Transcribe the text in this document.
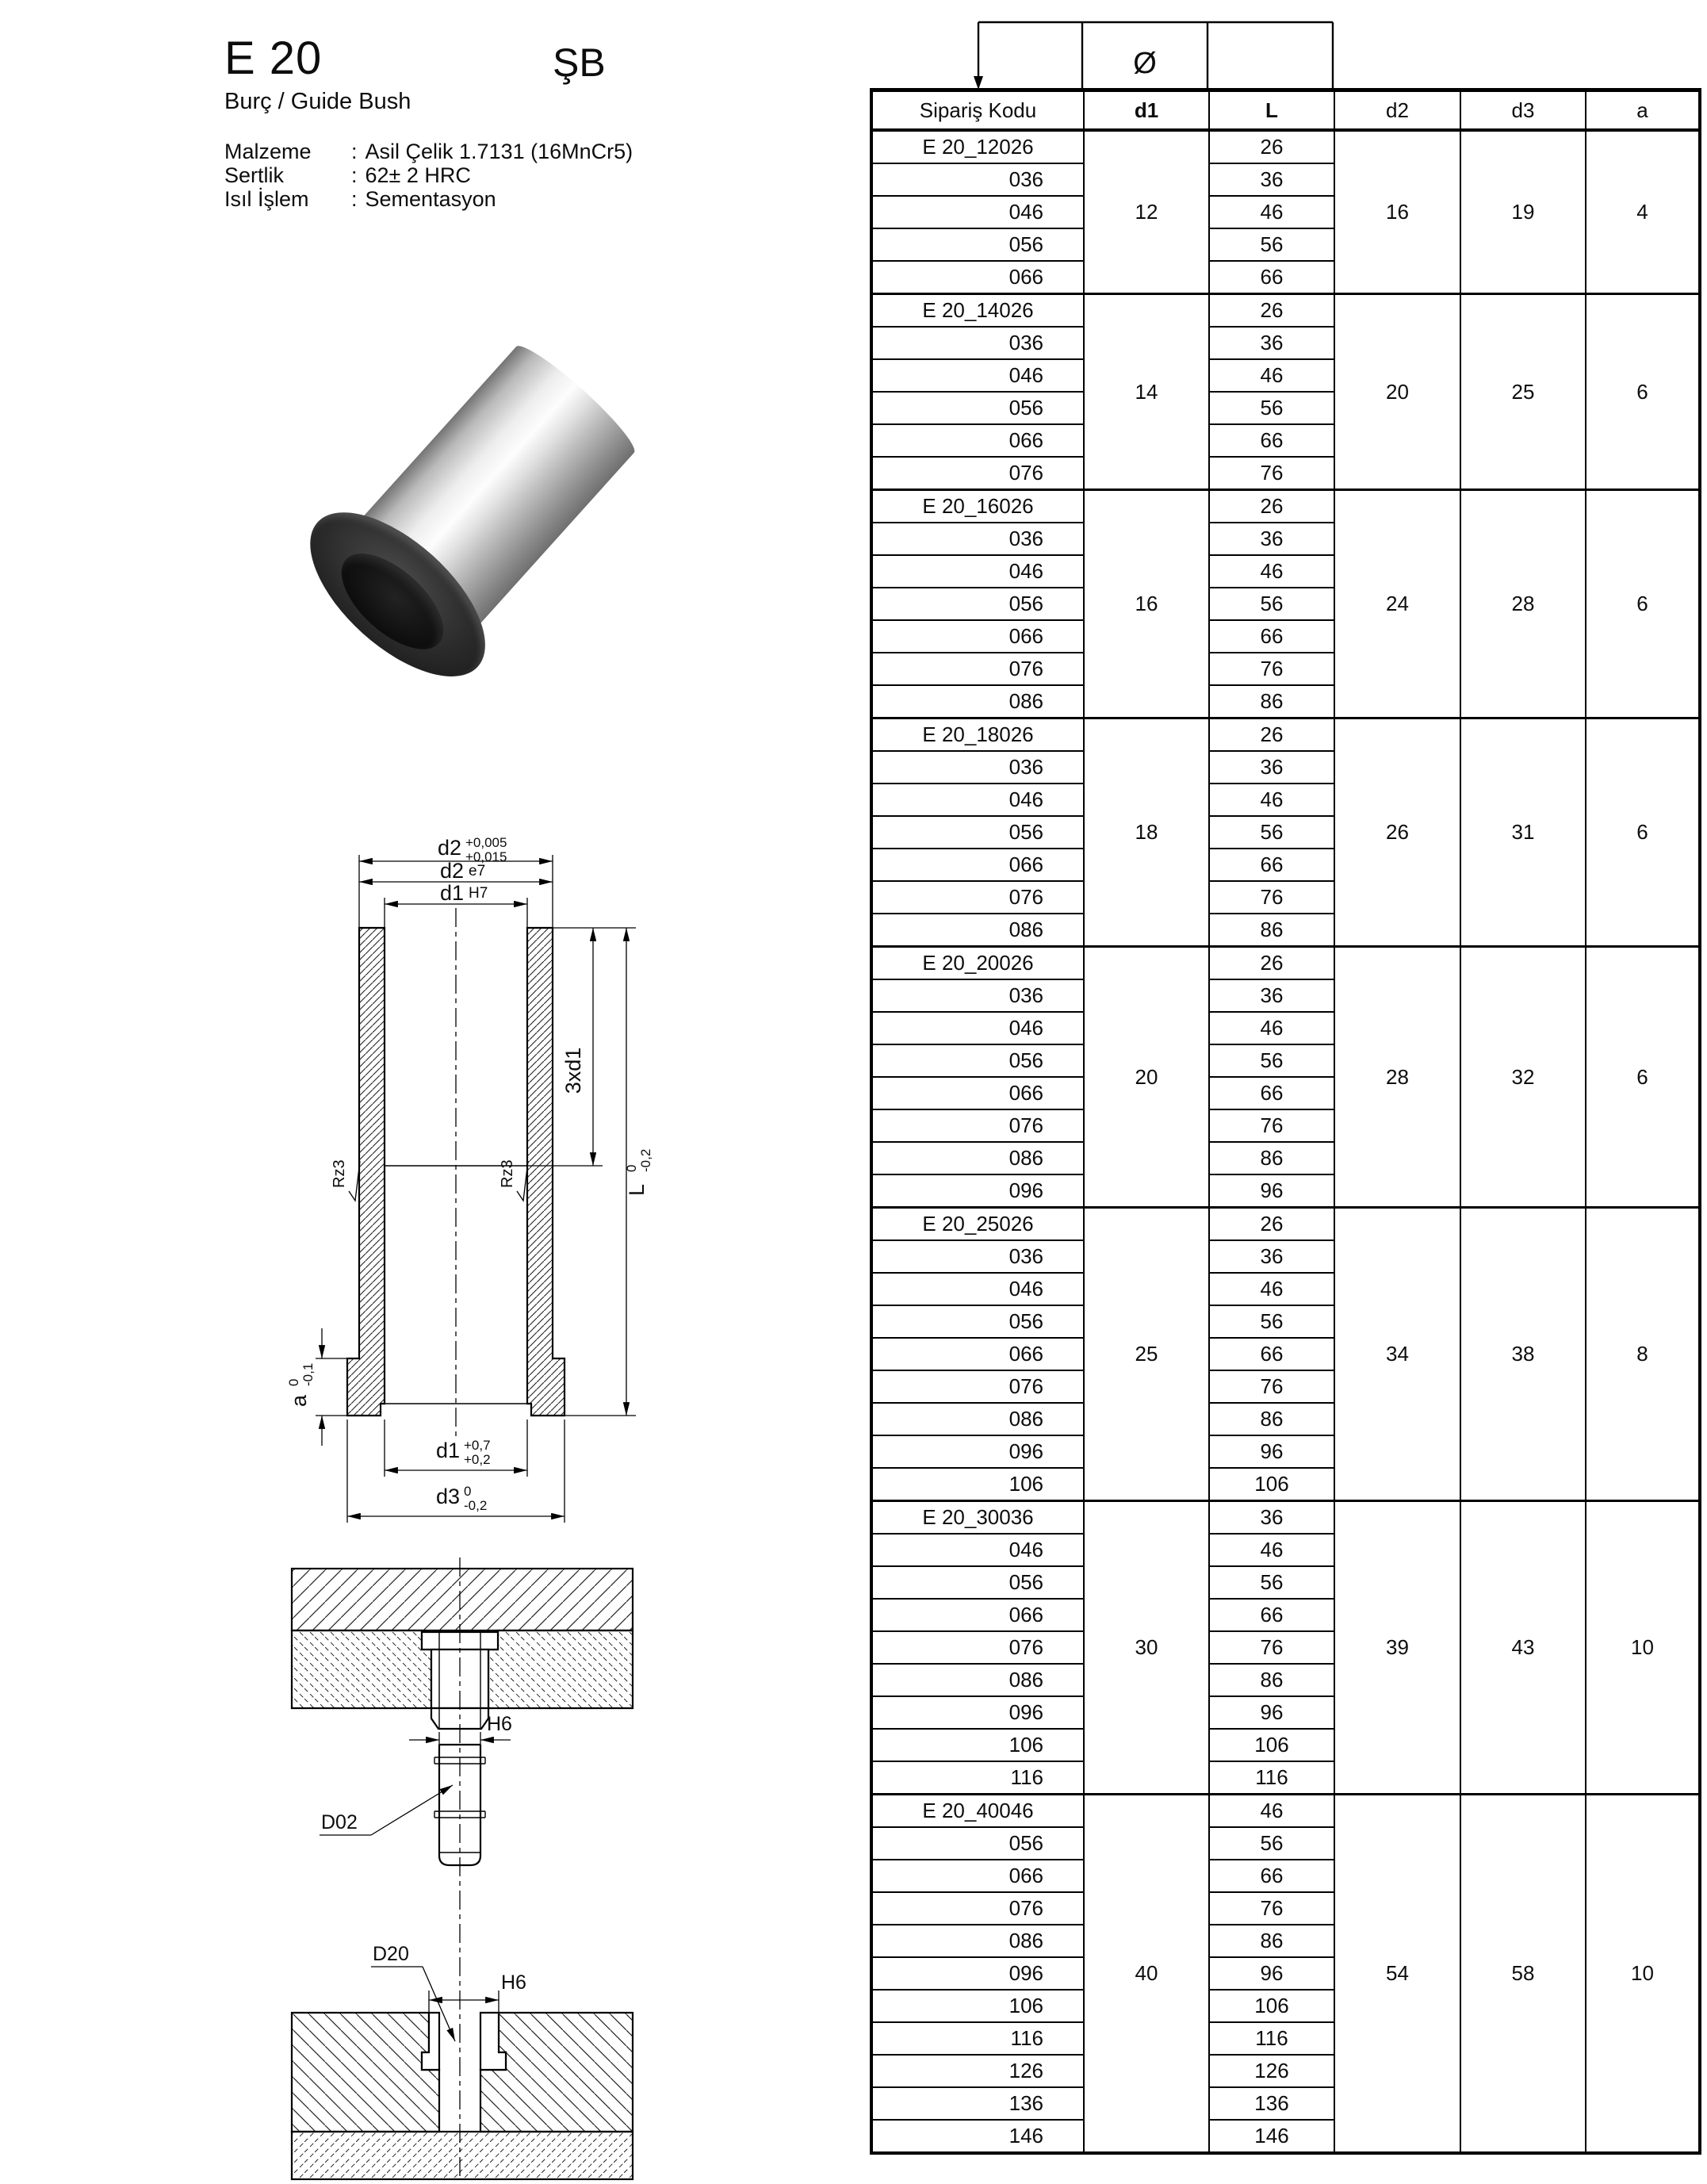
E 20
Burç / Guide Bush
ŞB
Malzeme	: Asil Çelik 1.7131 (16MnCr5)
Sertlik	: 62± 2 HRC
Isıl İşlem	: Sementasyon
d2 +0,005
+0,015
d2 e7
d1 H7
3xd1
L
0 -0,2
a
0 -0,1
d1 +0,7
+0,2
d3 0
-0,2
Rz3	Rz3
H6
D02
D20
H6
Ø
Sipariş Kodu	d1	L	d2	d3	a
E 20_12026	12	26	16	19	4
036		36			
046		46			
056		56			
066		66			
E 20_14026	14	26	20	25	6
036		36			
046		46			
056		56			
066		66			
076		76			
E 20_16026	16	26	24	28	6
036		36			
046		46			
056		56			
066		66			
076		76			
086		86			
E 20_18026	18	26	26	31	6
036		36			
046		46			
056		56			
066		66			
076		76			
086		86			
E 20_20026	20	26	28	32	6
036		36			
046		46			
056		56			
066		66			
076		76			
086		86			
096		96			
E 20_25026	25	26	34	38	8
036		36			
046		46			
056		56			
066		66			
076		76			
086		86			
096		96			
106		106			
E 20_30036	30	36	39	43	10
046		46			
056		56			
066		66			
076		76			
086		86			
096		96			
106		106			
116		116			
E 20_40046	40	46	54	58	10
056		56			
066		66			
076		76			
086		86			
096		96			
106		106			
116		116			
126		126			
136		136			
146		146			
